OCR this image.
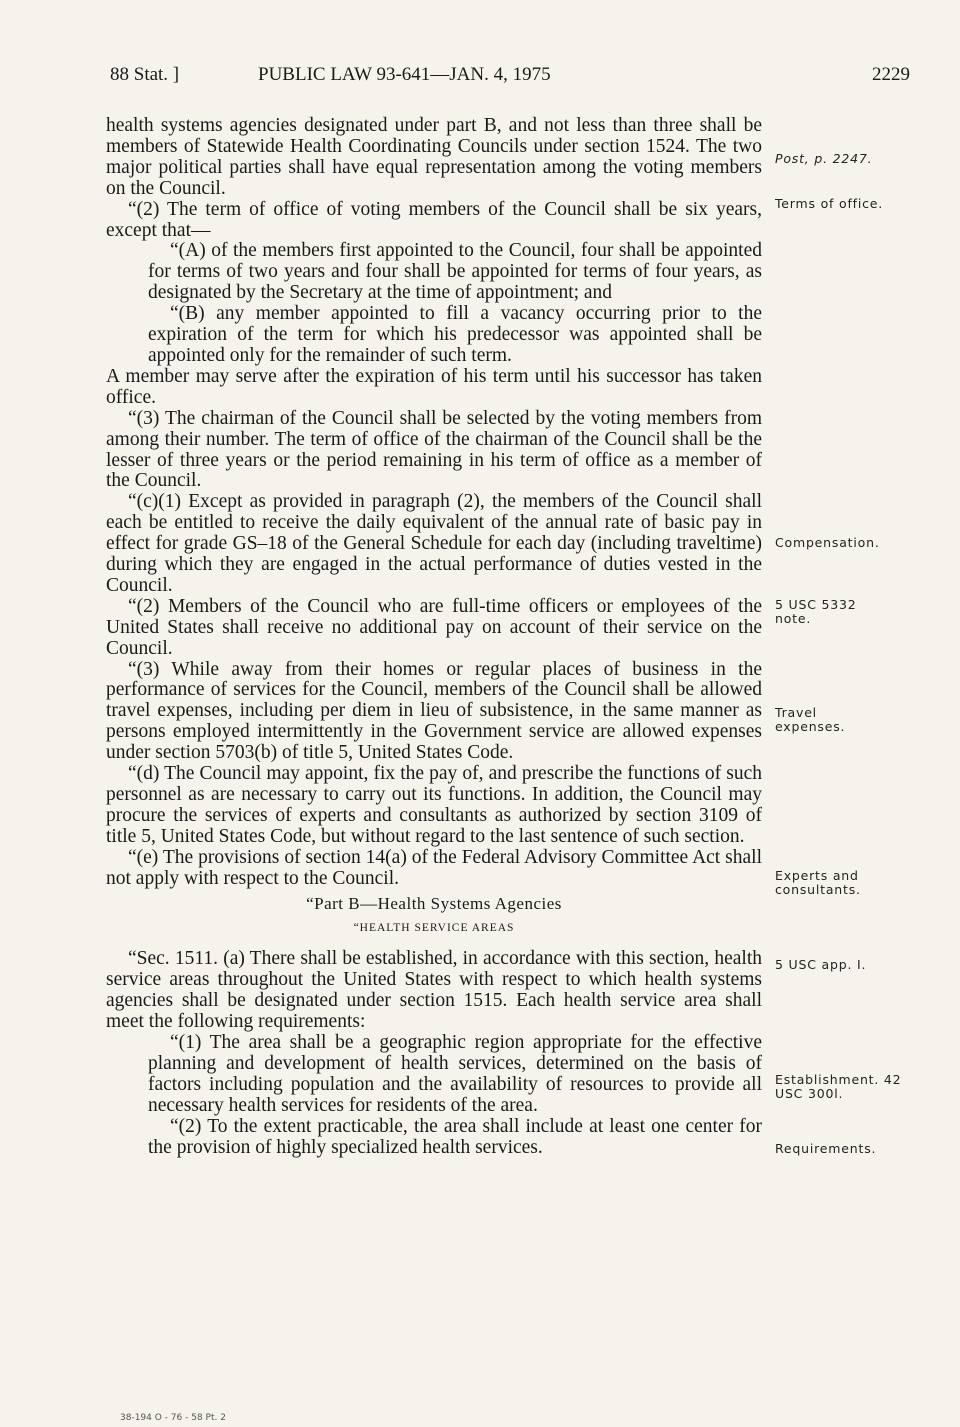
88 Stat. ]	PUBLIC LAW 93-641—JAN. 4, 1975	2229

health systems agencies designated under part B, and not less than three shall be members of Statewide Health Coordinating Councils under section 1524. The two major political parties shall have equal representation among the voting members on the Council.

“(2) The term of office of voting members of the Council shall be six years, except that—

“(A) of the members first appointed to the Council, four shall be appointed for terms of two years and four shall be appointed for terms of four years, as designated by the Secretary at the time of appointment; and

“(B) any member appointed to fill a vacancy occurring prior to the expiration of the term for which his predecessor was appointed shall be appointed only for the remainder of such term.

A member may serve after the expiration of his term until his successor has taken office.

“(3) The chairman of the Council shall be selected by the voting members from among their number. The term of office of the chairman of the Council shall be the lesser of three years or the period remaining in his term of office as a member of the Council.

“(c)(1) Except as provided in paragraph (2), the members of the Council shall each be entitled to receive the daily equivalent of the annual rate of basic pay in effect for grade GS–18 of the General Schedule for each day (including traveltime) during which they are engaged in the actual performance of duties vested in the Council.

“(2) Members of the Council who are full-time officers or employees of the United States shall receive no additional pay on account of their service on the Council.

“(3) While away from their homes or regular places of business in the performance of services for the Council, members of the Council shall be allowed travel expenses, including per diem in lieu of subsistence, in the same manner as persons employed intermittently in the Government service are allowed expenses under section 5703(b) of title 5, United States Code.

“(d) The Council may appoint, fix the pay of, and prescribe the functions of such personnel as are necessary to carry out its functions. In addition, the Council may procure the services of experts and consultants as authorized by section 3109 of title 5, United States Code, but without regard to the last sentence of such section.

“(e) The provisions of section 14(a) of the Federal Advisory Committee Act shall not apply with respect to the Council.

“Part B—Health Systems Agencies

“HEALTH SERVICE AREAS

“Sec. 1511. (a) There shall be established, in accordance with this section, health service areas throughout the United States with respect to which health systems agencies shall be designated under section 1515. Each health service area shall meet the following requirements:

“(1) The area shall be a geographic region appropriate for the effective planning and development of health services, determined on the basis of factors including population and the availability of resources to provide all necessary health services for residents of the area.

“(2) To the extent practicable, the area shall include at least one center for the provision of highly specialized health services.

Post, p. 2247.
Terms of office.
Compensation.
5 USC 5332 note.
Travel expenses.
Experts and consultants.
5 USC app. I.
Establishment. 42 USC 300l.
Requirements.
38-194 O - 76 - 58 Pt. 2
